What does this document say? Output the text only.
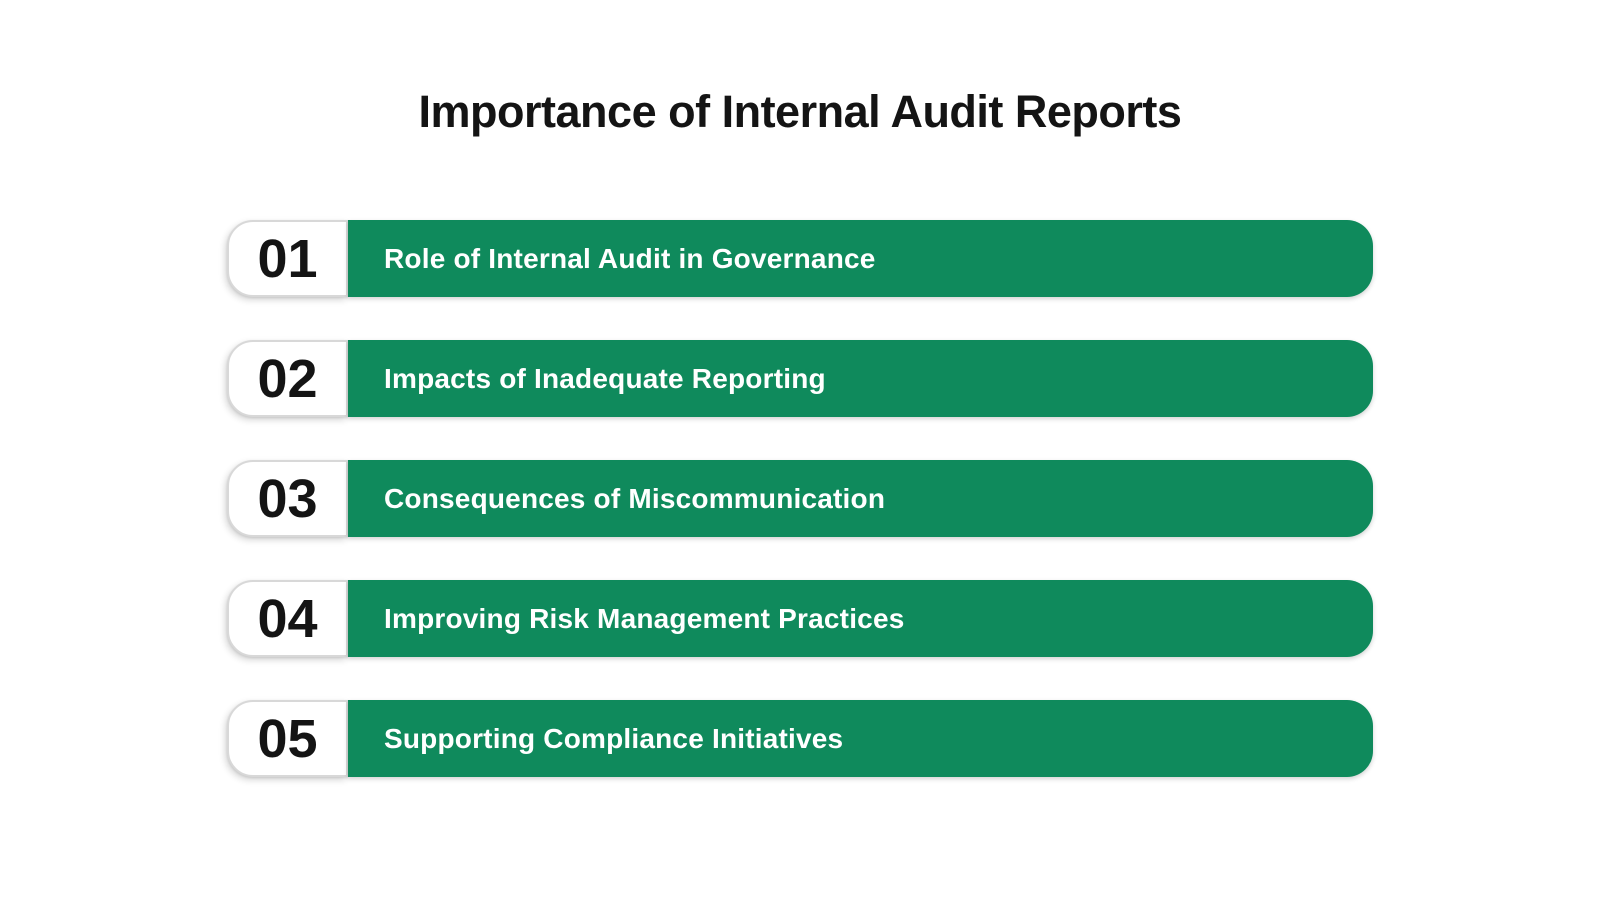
Importance of Internal Audit Reports
01	Role of Internal Audit in Governance
02	Impacts of Inadequate Reporting
03	Consequences of Miscommunication
04	Improving Risk Management Practices
05	Supporting Compliance Initiatives
